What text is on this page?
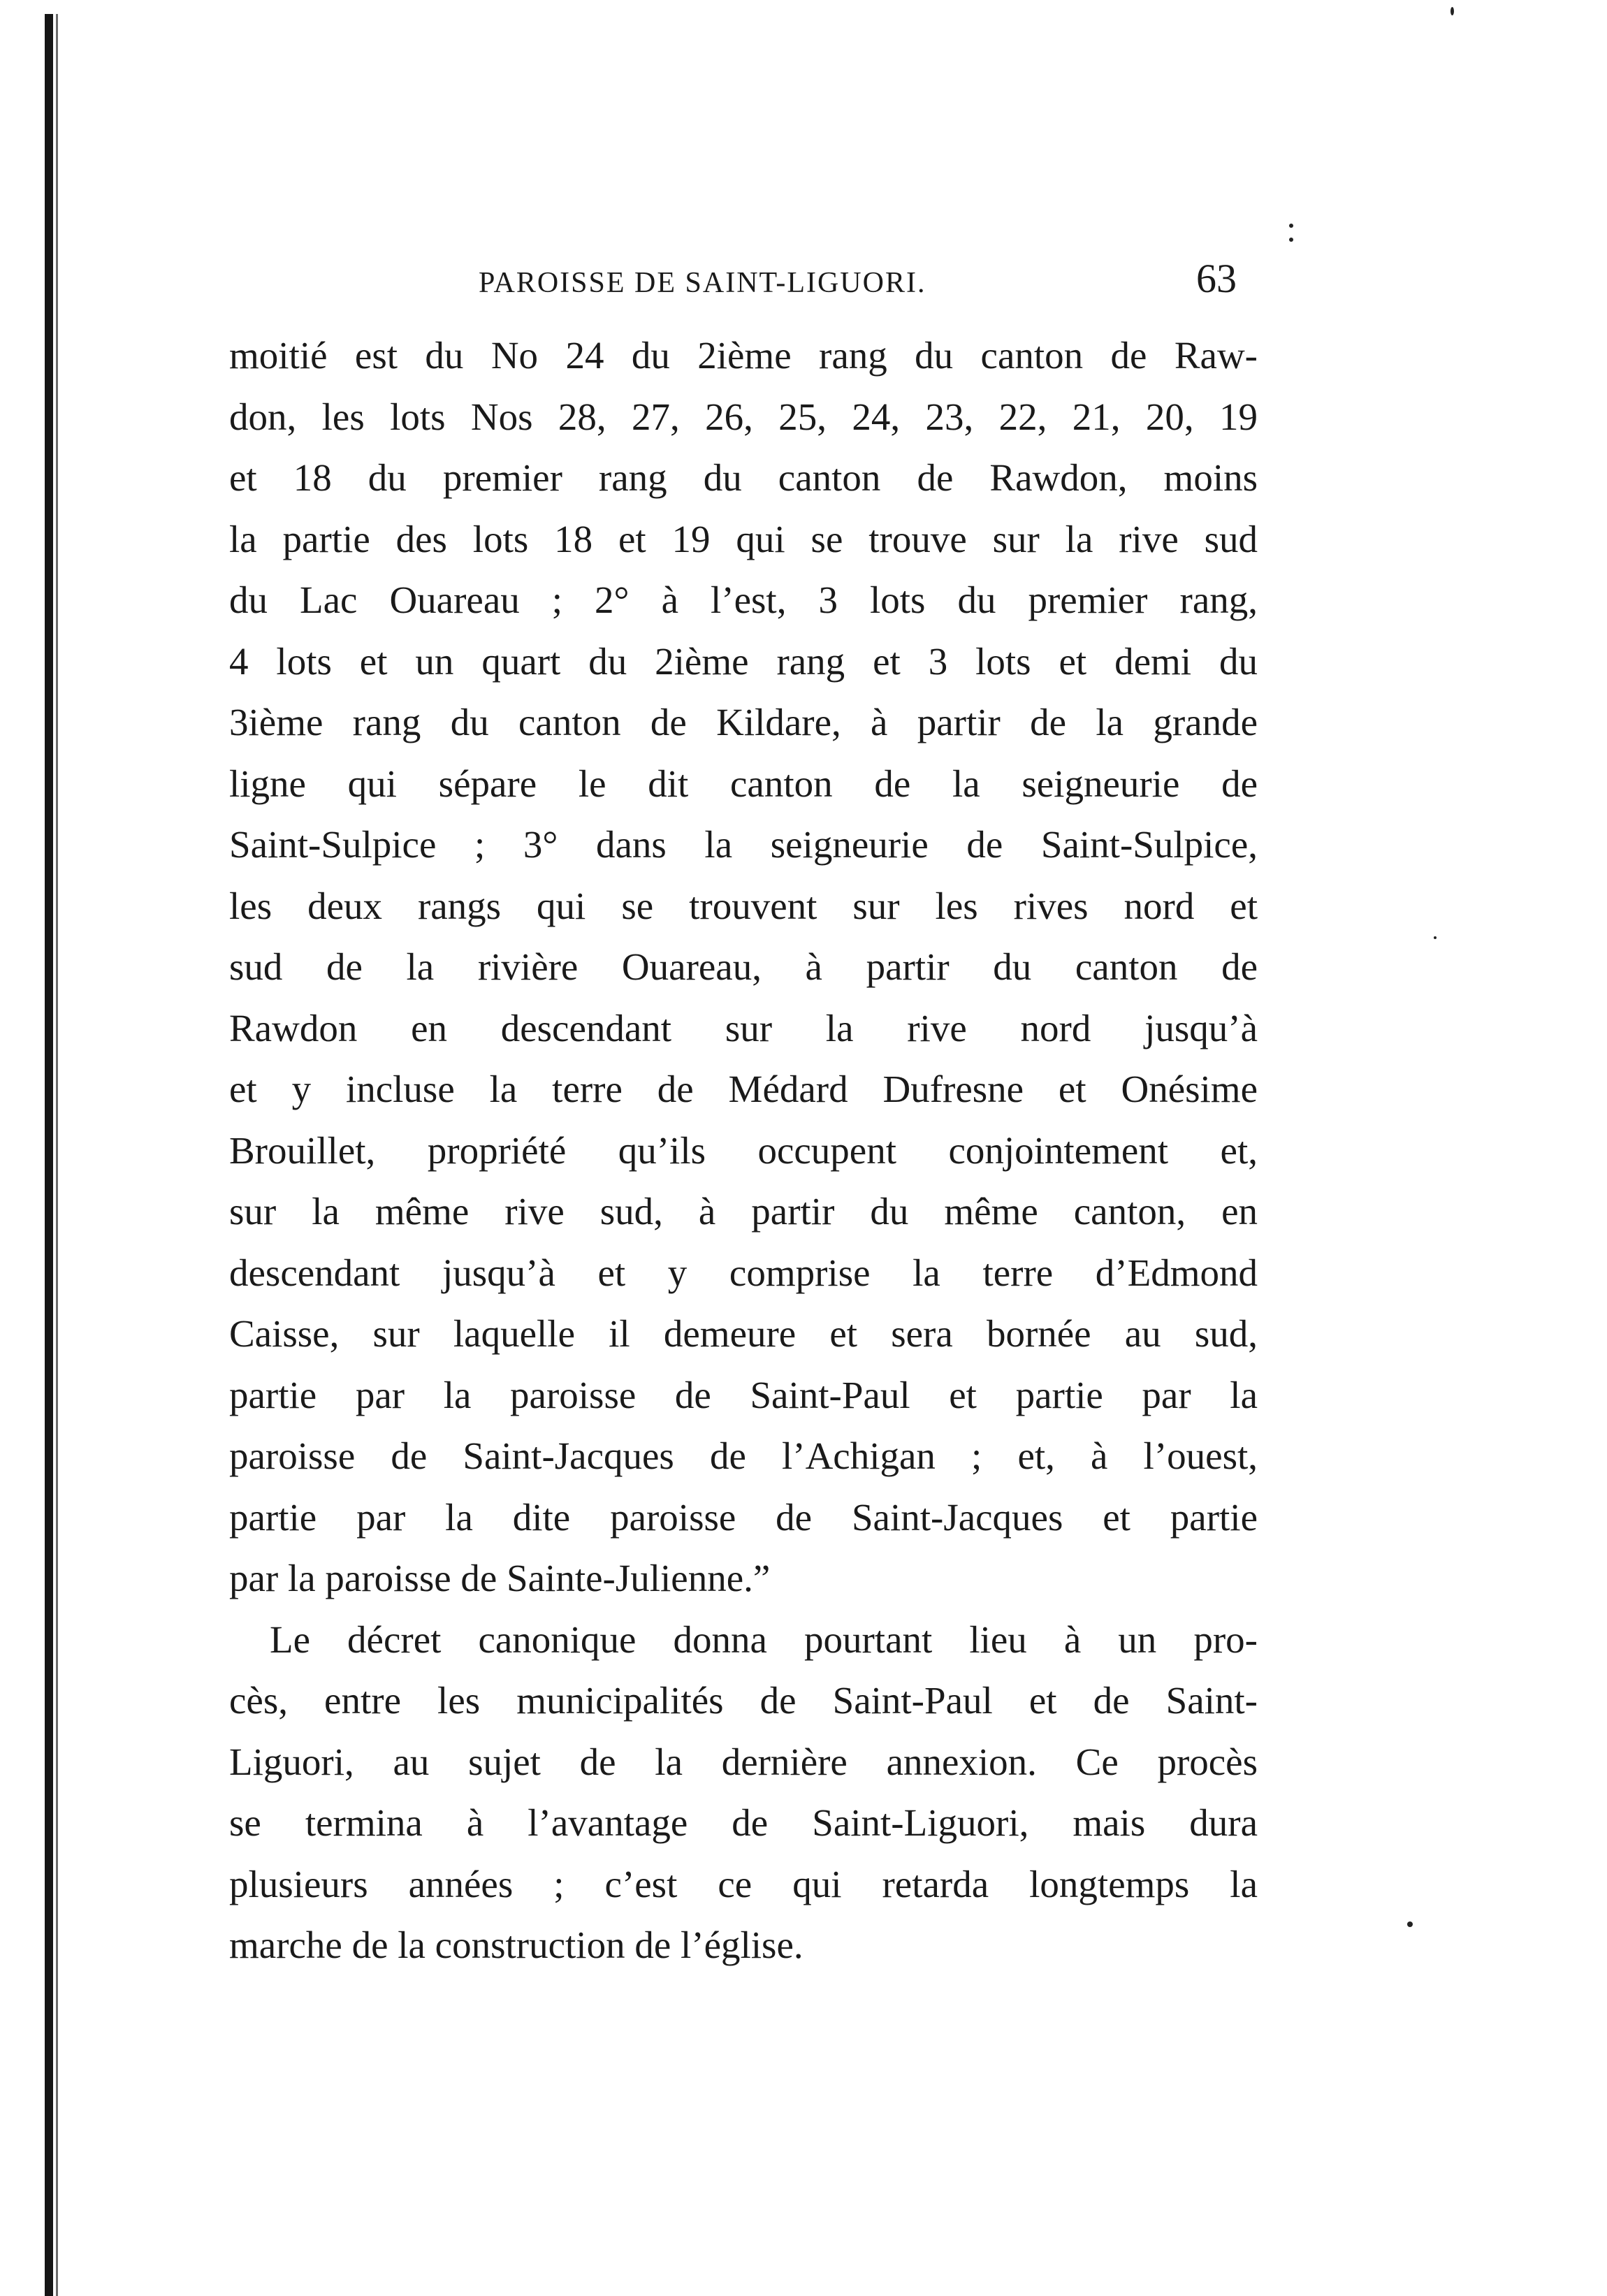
PAROISSE DE SAINT-LIGUORI.	63
moitié est du No 24 du 2ième rang du canton de Raw-
don, les lots Nos 28, 27, 26, 25, 24, 23, 22, 21, 20, 19
et 18 du premier rang du canton de Rawdon, moins
la partie des lots 18 et 19 qui se trouve sur la rive sud
du Lac Ouareau ; 2° à l’est, 3 lots du premier rang,
4 lots et un quart du 2ième rang et 3 lots et demi du
3ième rang du canton de Kildare, à partir de la grande
ligne qui sépare le dit canton de la seigneurie de
Saint-Sulpice ; 3° dans la seigneurie de Saint-Sulpice,
les deux rangs qui se trouvent sur les rives nord et
sud de la rivière Ouareau, à partir du canton de
Rawdon en descendant sur la rive nord jusqu’à
et y incluse la terre de Médard Dufresne et Onésime
Brouillet, propriété qu’ils occupent conjointement et,
sur la même rive sud, à partir du même canton, en
descendant jusqu’à et y comprise la terre d’Edmond
Caisse, sur laquelle il demeure et sera bornée au sud,
partie par la paroisse de Saint-Paul et partie par la
paroisse de Saint-Jacques de l’Achigan ; et, à l’ouest,
partie par la dite paroisse de Saint-Jacques et partie
par la paroisse de Sainte-Julienne.”
Le décret canonique donna pourtant lieu à un pro-
cès, entre les municipalités de Saint-Paul et de Saint-
Liguori, au sujet de la dernière annexion. Ce procès
se termina à l’avantage de Saint-Liguori, mais dura
plusieurs années ; c’est ce qui retarda longtemps la
marche de la construction de l’église.
